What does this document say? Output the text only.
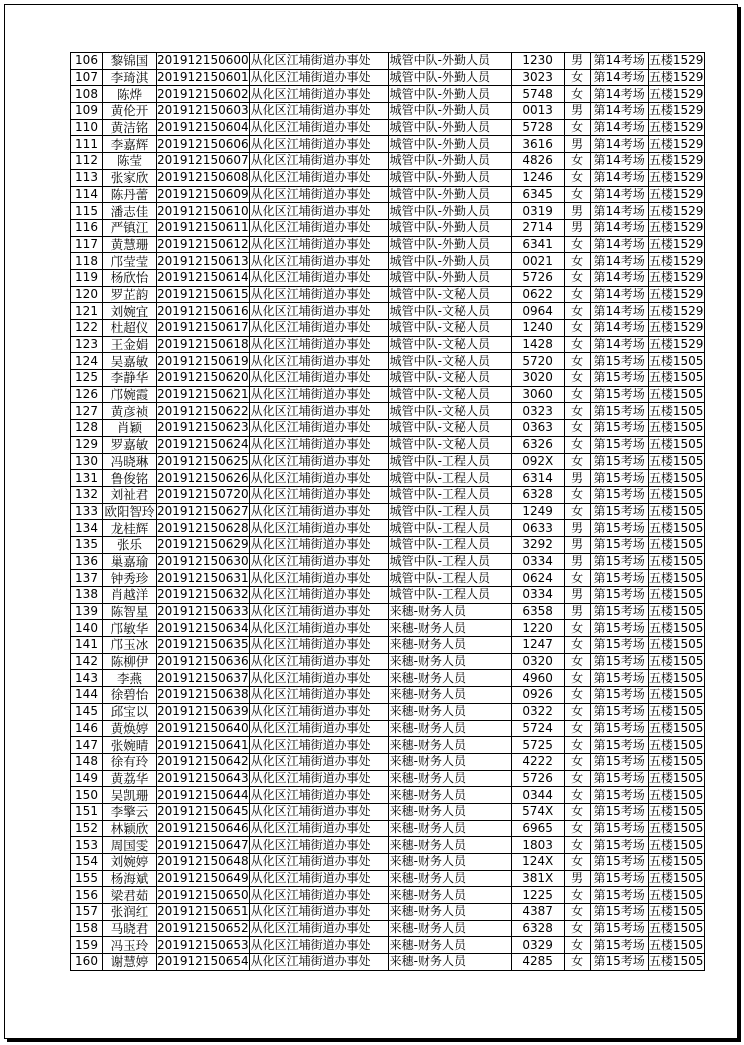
106	黎锦国	201912150600	从化区江埔街道办事处	城管中队-外勤人员	1230	男	第14考场	五楼1529
107	李琦淇	201912150601	从化区江埔街道办事处	城管中队-外勤人员	3023	女	第14考场	五楼1529
108	陈烨	201912150602	从化区江埔街道办事处	城管中队-外勤人员	5748	女	第14考场	五楼1529
109	黄伦开	201912150603	从化区江埔街道办事处	城管中队-外勤人员	0013	男	第14考场	五楼1529
110	黄洁铭	201912150604	从化区江埔街道办事处	城管中队-外勤人员	5728	女	第14考场	五楼1529
111	李嘉辉	201912150606	从化区江埔街道办事处	城管中队-外勤人员	3616	男	第14考场	五楼1529
112	陈莹	201912150607	从化区江埔街道办事处	城管中队-外勤人员	4826	女	第14考场	五楼1529
113	张家欣	201912150608	从化区江埔街道办事处	城管中队-外勤人员	1246	女	第14考场	五楼1529
114	陈丹蕾	201912150609	从化区江埔街道办事处	城管中队-外勤人员	6345	女	第14考场	五楼1529
115	潘志佳	201912150610	从化区江埔街道办事处	城管中队-外勤人员	0319	男	第14考场	五楼1529
116	严镇江	201912150611	从化区江埔街道办事处	城管中队-外勤人员	2714	男	第14考场	五楼1529
117	黄慧珊	201912150612	从化区江埔街道办事处	城管中队-外勤人员	6341	女	第14考场	五楼1529
118	邝莹莹	201912150613	从化区江埔街道办事处	城管中队-外勤人员	0021	女	第14考场	五楼1529
119	杨欣怡	201912150614	从化区江埔街道办事处	城管中队-外勤人员	5726	女	第14考场	五楼1529
120	罗芷韵	201912150615	从化区江埔街道办事处	城管中队-文秘人员	0622	女	第14考场	五楼1529
121	刘婉宜	201912150616	从化区江埔街道办事处	城管中队-文秘人员	0964	女	第14考场	五楼1529
122	杜超仪	201912150617	从化区江埔街道办事处	城管中队-文秘人员	1240	女	第14考场	五楼1529
123	王金娟	201912150618	从化区江埔街道办事处	城管中队-文秘人员	1428	女	第14考场	五楼1529
124	吴嘉敏	201912150619	从化区江埔街道办事处	城管中队-文秘人员	5720	女	第15考场	五楼1505
125	李静华	201912150620	从化区江埔街道办事处	城管中队-文秘人员	3020	女	第15考场	五楼1505
126	邝婉霞	201912150621	从化区江埔街道办事处	城管中队-文秘人员	3060	女	第15考场	五楼1505
127	黄彦祯	201912150622	从化区江埔街道办事处	城管中队-文秘人员	0323	女	第15考场	五楼1505
128	肖颖	201912150623	从化区江埔街道办事处	城管中队-文秘人员	0363	女	第15考场	五楼1505
129	罗嘉敏	201912150624	从化区江埔街道办事处	城管中队-文秘人员	6326	女	第15考场	五楼1505
130	冯晓琳	201912150625	从化区江埔街道办事处	城管中队-工程人员	092X	女	第15考场	五楼1505
131	鲁俊铭	201912150626	从化区江埔街道办事处	城管中队-工程人员	6314	男	第15考场	五楼1505
132	刘祉君	201912150720	从化区江埔街道办事处	城管中队-工程人员	6328	女	第15考场	五楼1505
133	欧阳智玲	201912150627	从化区江埔街道办事处	城管中队-工程人员	1249	女	第15考场	五楼1505
134	龙桂辉	201912150628	从化区江埔街道办事处	城管中队-工程人员	0633	男	第15考场	五楼1505
135	张乐	201912150629	从化区江埔街道办事处	城管中队-工程人员	3292	男	第15考场	五楼1505
136	巢嘉瑜	201912150630	从化区江埔街道办事处	城管中队-工程人员	0334	男	第15考场	五楼1505
137	钟秀珍	201912150631	从化区江埔街道办事处	城管中队-工程人员	0624	女	第15考场	五楼1505
138	肖越洋	201912150632	从化区江埔街道办事处	城管中队-工程人员	0334	男	第15考场	五楼1505
139	陈智星	201912150633	从化区江埔街道办事处	来穗-财务人员	6358	男	第15考场	五楼1505
140	邝敏华	201912150634	从化区江埔街道办事处	来穗-财务人员	1220	女	第15考场	五楼1505
141	邝玉冰	201912150635	从化区江埔街道办事处	来穗-财务人员	1247	女	第15考场	五楼1505
142	陈柳伊	201912150636	从化区江埔街道办事处	来穗-财务人员	0320	女	第15考场	五楼1505
143	李燕	201912150637	从化区江埔街道办事处	来穗-财务人员	4960	女	第15考场	五楼1505
144	徐碧怡	201912150638	从化区江埔街道办事处	来穗-财务人员	0926	女	第15考场	五楼1505
145	邱宝以	201912150639	从化区江埔街道办事处	来穗-财务人员	0322	女	第15考场	五楼1505
146	黄焕婷	201912150640	从化区江埔街道办事处	来穗-财务人员	5724	女	第15考场	五楼1505
147	张婉晴	201912150641	从化区江埔街道办事处	来穗-财务人员	5725	女	第15考场	五楼1505
148	徐有玲	201912150642	从化区江埔街道办事处	来穗-财务人员	4222	女	第15考场	五楼1505
149	黄荔华	201912150643	从化区江埔街道办事处	来穗-财务人员	5726	女	第15考场	五楼1505
150	吴凯珊	201912150644	从化区江埔街道办事处	来穗-财务人员	0344	女	第15考场	五楼1505
151	李擎云	201912150645	从化区江埔街道办事处	来穗-财务人员	574X	女	第15考场	五楼1505
152	林颖欣	201912150646	从化区江埔街道办事处	来穗-财务人员	6965	女	第15考场	五楼1505
153	周国雯	201912150647	从化区江埔街道办事处	来穗-财务人员	1803	女	第15考场	五楼1505
154	刘婉婷	201912150648	从化区江埔街道办事处	来穗-财务人员	124X	女	第15考场	五楼1505
155	杨海斌	201912150649	从化区江埔街道办事处	来穗-财务人员	381X	男	第15考场	五楼1505
156	梁君茹	201912150650	从化区江埔街道办事处	来穗-财务人员	1225	女	第15考场	五楼1505
157	张润红	201912150651	从化区江埔街道办事处	来穗-财务人员	4387	女	第15考场	五楼1505
158	马晓君	201912150652	从化区江埔街道办事处	来穗-财务人员	6328	女	第15考场	五楼1505
159	冯玉玲	201912150653	从化区江埔街道办事处	来穗-财务人员	0329	女	第15考场	五楼1505
160	谢慧婷	201912150654	从化区江埔街道办事处	来穗-财务人员	4285	女	第15考场	五楼1505
